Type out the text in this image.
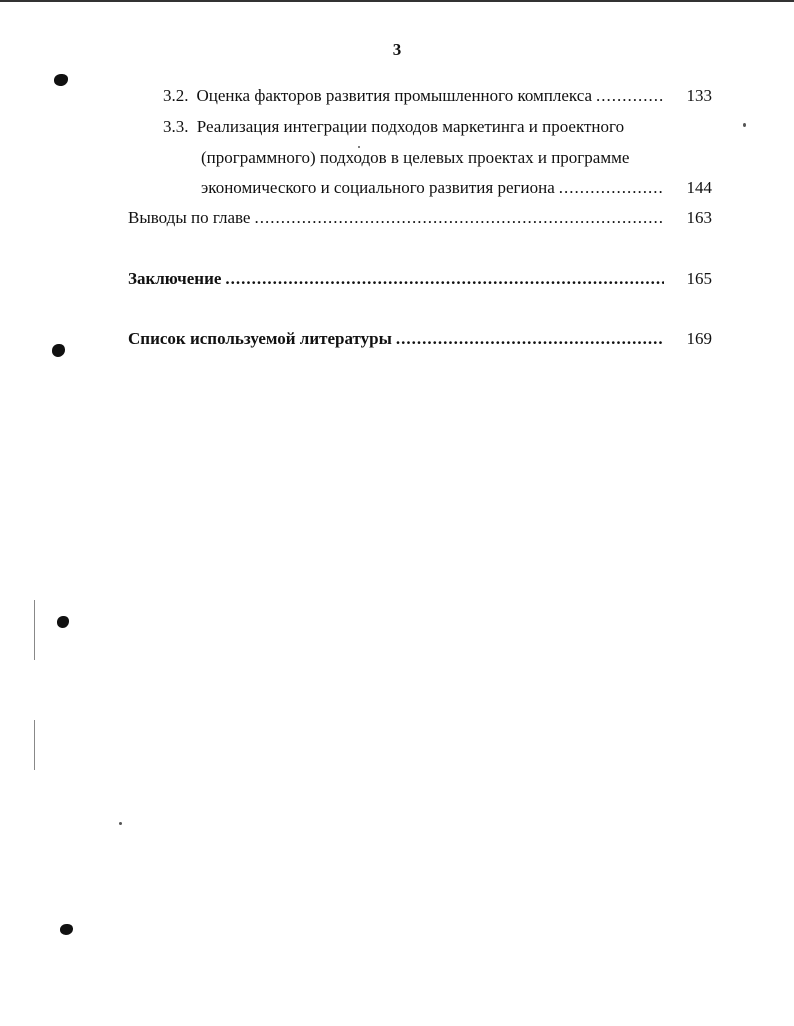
3
3.2. Оценка факторов развития промышленного комплекса .....	133
3.3. Реализация интеграции подходов маркетинга и проектного
(программного) подходов в целевых проектах и программе
экономического и социального развития региона .....	144
Выводы по главе .....	163
Заключение .....	165
Список используемой литературы .....	169
